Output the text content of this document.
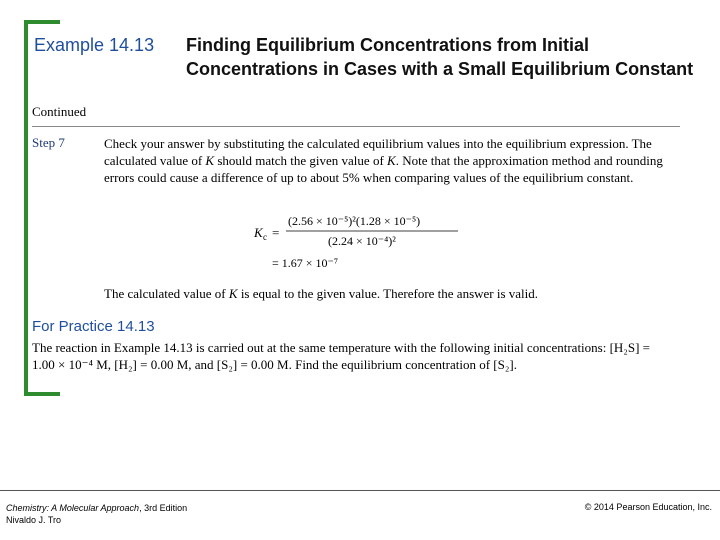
Example 14.13 Finding Equilibrium Concentrations from Initial Concentrations in Cases with a Small Equilibrium Constant
Continued
Step 7	Check your answer by substituting the calculated equilibrium values into the equilibrium expression. The calculated value of K should match the given value of K. Note that the approximation method and rounding errors could cause a difference of up to about 5% when comparing values of the equilibrium constant.
K c =
(2.56 × 10⁻⁵)²(1.28 × 10⁻⁵)
(2.24 × 10⁻⁴)²
= 1.67 × 10⁻⁷
The calculated value of K is equal to the given value. Therefore the answer is valid.
For Practice 14.13
The reaction in Example 14.13 is carried out at the same temperature with the following initial concentrations: [H₂S] = 1.00 × 10⁻⁴ M, [H₂] = 0.00 M, and [S₂] = 0.00 M. Find the equilibrium concentration of [S₂].
Chemistry: A Molecular Approach, 3rd Edition
Nivaldo J. Tro
© 2014 Pearson Education, Inc.
